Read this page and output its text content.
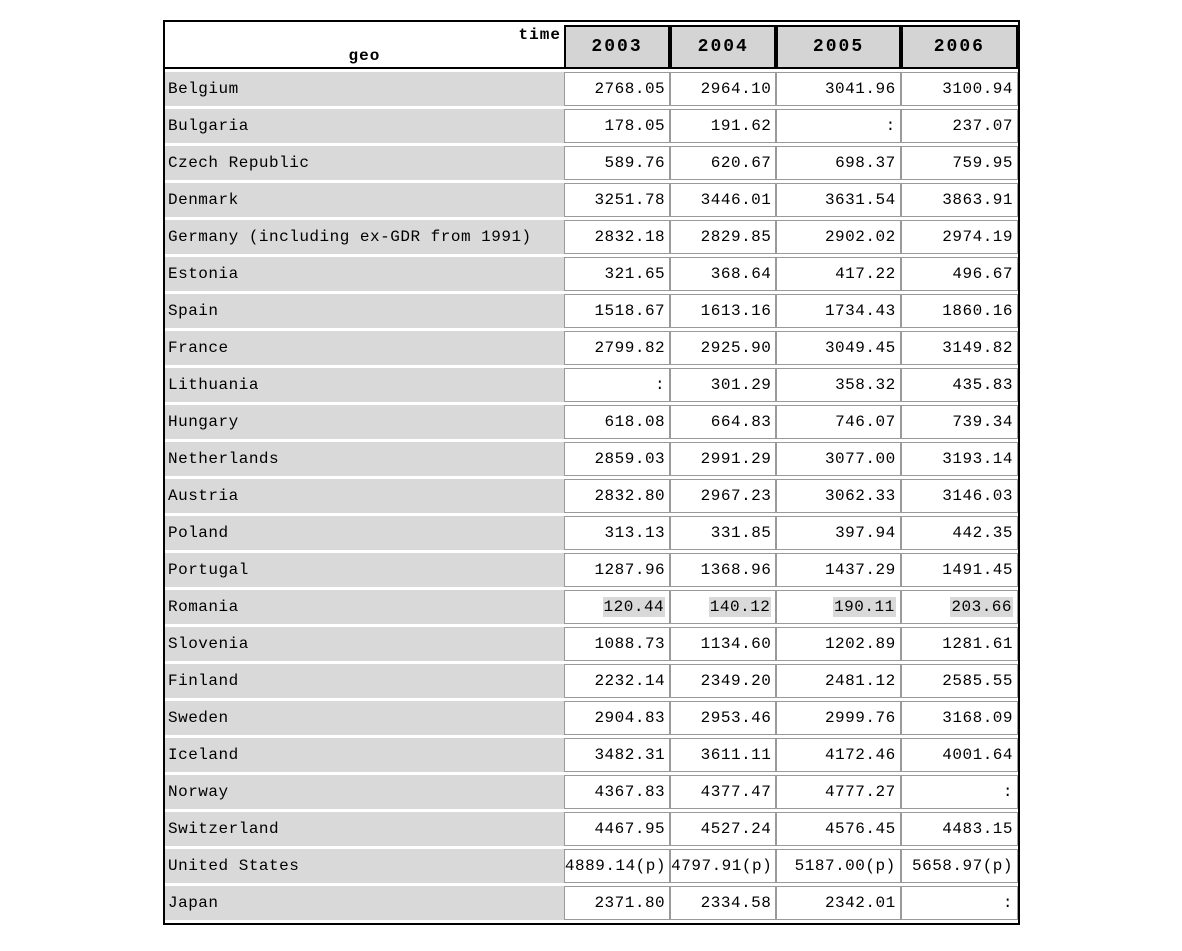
time
geo	2003	2004	2005	2006
Belgium	2768.05	2964.10	3041.96	3100.94
Bulgaria	178.05	191.62	:	237.07
Czech Republic	589.76	620.67	698.37	759.95
Denmark	3251.78	3446.01	3631.54	3863.91
Germany (including ex-GDR from 1991)	2832.18	2829.85	2902.02	2974.19
Estonia	321.65	368.64	417.22	496.67
Spain	1518.67	1613.16	1734.43	1860.16
France	2799.82	2925.90	3049.45	3149.82
Lithuania	:	301.29	358.32	435.83
Hungary	618.08	664.83	746.07	739.34
Netherlands	2859.03	2991.29	3077.00	3193.14
Austria	2832.80	2967.23	3062.33	3146.03
Poland	313.13	331.85	397.94	442.35
Portugal	1287.96	1368.96	1437.29	1491.45
Romania	120.44	140.12	190.11	203.66
Slovenia	1088.73	1134.60	1202.89	1281.61
Finland	2232.14	2349.20	2481.12	2585.55
Sweden	2904.83	2953.46	2999.76	3168.09
Iceland	3482.31	3611.11	4172.46	4001.64
Norway	4367.83	4377.47	4777.27	:
Switzerland	4467.95	4527.24	4576.45	4483.15
United States	4889.14(p)	4797.91(p)	5187.00(p)	5658.97(p)
Japan	2371.80	2334.58	2342.01	:
